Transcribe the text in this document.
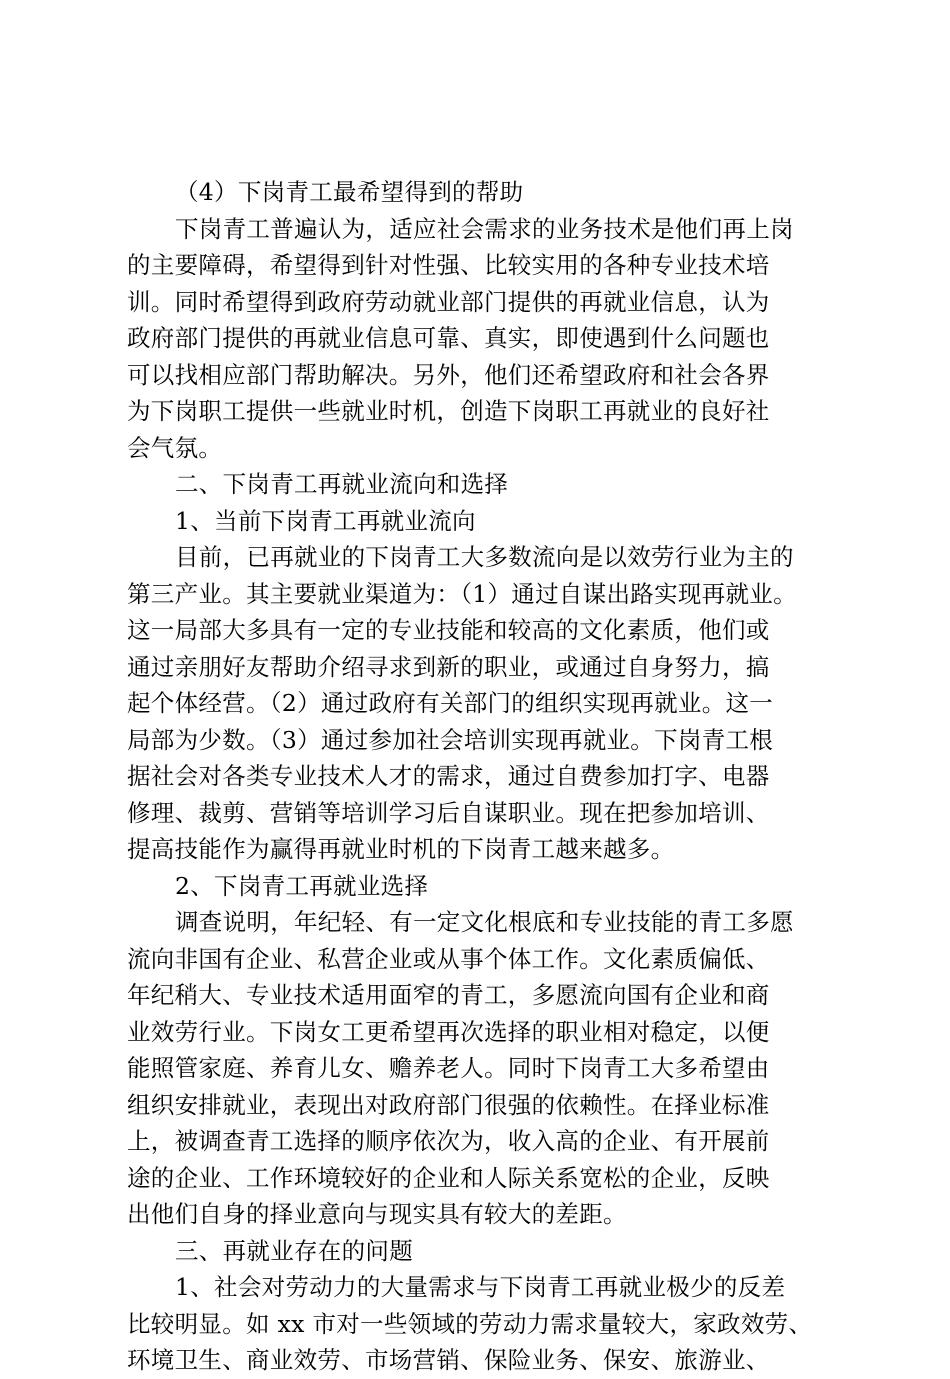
（4）下岗青工最希望得到的帮助
下岗青工普遍认为，适应社会需求的业务技术是他们再上岗
的主要障碍，希望得到针对性强、比较实用的各种专业技术培
训。同时希望得到政府劳动就业部门提供的再就业信息，认为
政府部门提供的再就业信息可靠、真实，即使遇到什么问题也
可以找相应部门帮助解决。另外，他们还希望政府和社会各界
为下岗职工提供一些就业时机，创造下岗职工再就业的良好社
会气氛。
二、下岗青工再就业流向和选择
1、当前下岗青工再就业流向
目前，已再就业的下岗青工大多数流向是以效劳行业为主的
第三产业。其主要就业渠道为：（1）通过自谋出路实现再就业。
这一局部大多具有一定的专业技能和较高的文化素质，他们或
通过亲朋好友帮助介绍寻求到新的职业，或通过自身努力，搞
起个体经营。（2）通过政府有关部门的组织实现再就业。这一
局部为少数。（3）通过参加社会培训实现再就业。下岗青工根
据社会对各类专业技术人才的需求，通过自费参加打字、电器
修理、裁剪、营销等培训学习后自谋职业。现在把参加培训、
提高技能作为赢得再就业时机的下岗青工越来越多。
2、下岗青工再就业选择
调查说明，年纪轻、有一定文化根底和专业技能的青工多愿
流向非国有企业、私营企业或从事个体工作。文化素质偏低、
年纪稍大、专业技术适用面窄的青工，多愿流向国有企业和商
业效劳行业。下岗女工更希望再次选择的职业相对稳定，以便
能照管家庭、养育儿女、赡养老人。同时下岗青工大多希望由
组织安排就业，表现出对政府部门很强的依赖性。在择业标准
上，被调查青工选择的顺序依次为，收入高的企业、有开展前
途的企业、工作环境较好的企业和人际关系宽松的企业，反映
出他们自身的择业意向与现实具有较大的差距。
三、再就业存在的问题
1、社会对劳动力的大量需求与下岗青工再就业极少的反差
比较明显。如 xx 市对一些领域的劳动力需求量较大，家政效劳、
环境卫生、商业效劳、市场营销、保险业务、保安、旅游业、
